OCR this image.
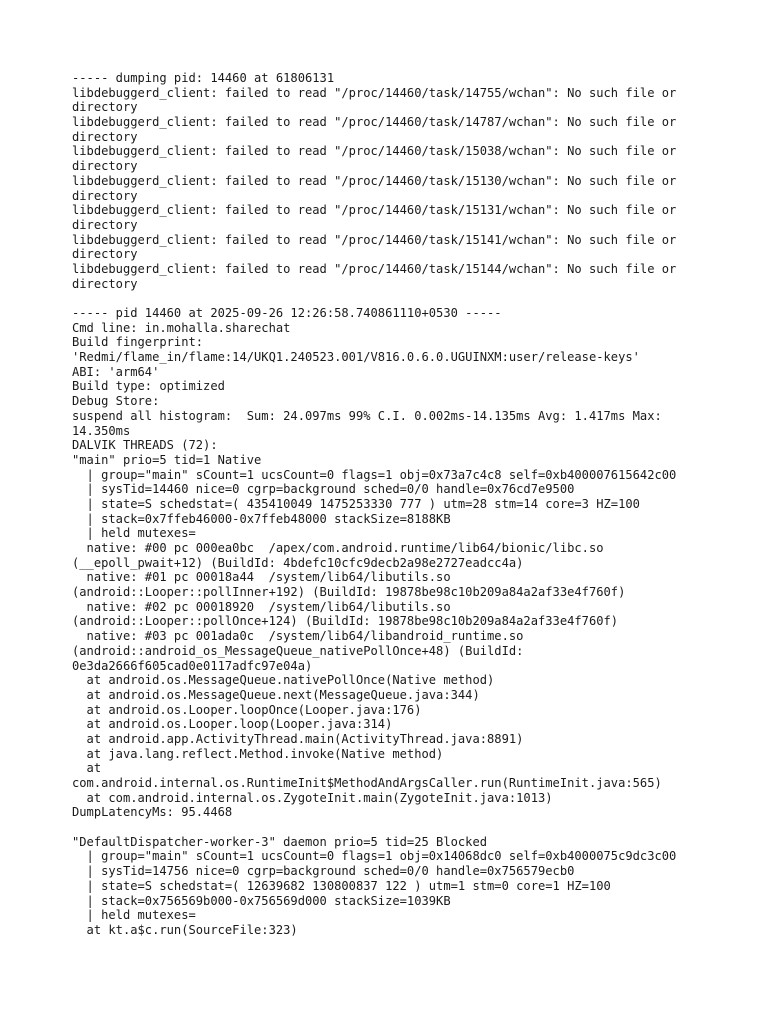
----- dumping pid: 14460 at 61806131
libdebuggerd_client: failed to read "/proc/14460/task/14755/wchan": No such file or
directory
libdebuggerd_client: failed to read "/proc/14460/task/14787/wchan": No such file or
directory
libdebuggerd_client: failed to read "/proc/14460/task/15038/wchan": No such file or
directory
libdebuggerd_client: failed to read "/proc/14460/task/15130/wchan": No such file or
directory
libdebuggerd_client: failed to read "/proc/14460/task/15131/wchan": No such file or
directory
libdebuggerd_client: failed to read "/proc/14460/task/15141/wchan": No such file or
directory
libdebuggerd_client: failed to read "/proc/14460/task/15144/wchan": No such file or
directory
----- pid 14460 at 2025-09-26 12:26:58.740861110+0530 -----
Cmd line: in.mohalla.sharechat
Build fingerprint:
'Redmi/flame_in/flame:14/UKQ1.240523.001/V816.0.6.0.UGUINXM:user/release-keys'
ABI: 'arm64'
Build type: optimized
Debug Store:
suspend all histogram:  Sum: 24.097ms 99% C.I. 0.002ms-14.135ms Avg: 1.417ms Max:
14.350ms
DALVIK THREADS (72):
"main" prio=5 tid=1 Native
| group="main" sCount=1 ucsCount=0 flags=1 obj=0x73a7c4c8 self=0xb400007615642c00
| sysTid=14460 nice=0 cgrp=background sched=0/0 handle=0x76cd7e9500
| state=S schedstat=( 435410049 1475253330 777 ) utm=28 stm=14 core=3 HZ=100
| stack=0x7ffeb46000-0x7ffeb48000 stackSize=8188KB
| held mutexes=
native: #00 pc 000ea0bc  /apex/com.android.runtime/lib64/bionic/libc.so
(__epoll_pwait+12) (BuildId: 4bdefc10cfc9decb2a98e2727eadcc4a)
native: #01 pc 00018a44  /system/lib64/libutils.so
(android::Looper::pollInner+192) (BuildId: 19878be98c10b209a84a2af33e4f760f)
native: #02 pc 00018920  /system/lib64/libutils.so
(android::Looper::pollOnce+124) (BuildId: 19878be98c10b209a84a2af33e4f760f)
native: #03 pc 001ada0c  /system/lib64/libandroid_runtime.so
(android::android_os_MessageQueue_nativePollOnce+48) (BuildId:
0e3da2666f605cad0e0117adfc97e04a)
at android.os.MessageQueue.nativePollOnce(Native method)
at android.os.MessageQueue.next(MessageQueue.java:344)
at android.os.Looper.loopOnce(Looper.java:176)
at android.os.Looper.loop(Looper.java:314)
at android.app.ActivityThread.main(ActivityThread.java:8891)
at java.lang.reflect.Method.invoke(Native method)
at
com.android.internal.os.RuntimeInit$MethodAndArgsCaller.run(RuntimeInit.java:565)
at com.android.internal.os.ZygoteInit.main(ZygoteInit.java:1013)
DumpLatencyMs: 95.4468
"DefaultDispatcher-worker-3" daemon prio=5 tid=25 Blocked
| group="main" sCount=1 ucsCount=0 flags=1 obj=0x14068dc0 self=0xb4000075c9dc3c00
| sysTid=14756 nice=0 cgrp=background sched=0/0 handle=0x756579ecb0
| state=S schedstat=( 12639682 130800837 122 ) utm=1 stm=0 core=1 HZ=100
| stack=0x756569b000-0x756569d000 stackSize=1039KB
| held mutexes=
at kt.a$c.run(SourceFile:323)
